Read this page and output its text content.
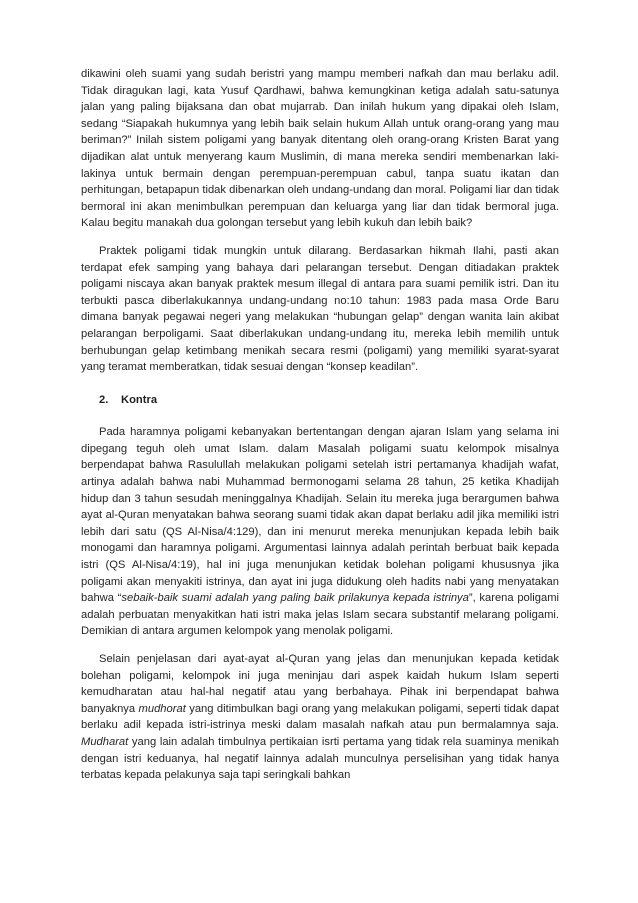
dikawini oleh suami yang sudah beristri yang mampu memberi nafkah dan mau berlaku adil. Tidak diragukan lagi, kata Yusuf Qardhawi, bahwa kemungkinan ketiga adalah satu-satunya jalan yang paling bijaksana dan obat mujarrab. Dan inilah hukum yang dipakai oleh Islam, sedang “Siapakah hukumnya yang lebih baik selain hukum Allah untuk orang-orang yang mau beriman?” Inilah sistem poligami yang banyak ditentang oleh orang-orang Kristen Barat yang dijadikan alat untuk menyerang kaum Muslimin, di mana mereka sendiri membenarkan laki-lakinya untuk bermain dengan perempuan-perempuan cabul, tanpa suatu ikatan dan perhitungan, betapapun tidak dibenarkan oleh undang-undang dan moral. Poligami liar dan tidak bermoral ini akan menimbulkan perempuan dan keluarga yang liar dan tidak bermoral juga. Kalau begitu manakah dua golongan tersebut yang lebih kukuh dan lebih baik?

Praktek poligami tidak mungkin untuk dilarang. Berdasarkan hikmah Ilahi, pasti akan terdapat efek samping yang bahaya dari pelarangan tersebut. Dengan ditiadakan praktek poligami niscaya akan banyak praktek mesum illegal di antara para suami pemilik istri. Dan itu terbukti pasca diberlakukannya undang-undang no:10 tahun: 1983 pada masa Orde Baru dimana banyak pegawai negeri yang melakukan “hubungan gelap” dengan wanita lain akibat pelarangan berpoligami. Saat diberlakukan undang-undang itu, mereka lebih memilih untuk berhubungan gelap ketimbang menikah secara resmi (poligami) yang memiliki syarat-syarat yang teramat memberatkan, tidak sesuai dengan “konsep keadilan”.

2. Kontra

Pada haramnya poligami kebanyakan bertentangan dengan ajaran Islam yang selama ini dipegang teguh oleh umat Islam. dalam Masalah poligami suatu kelompok misalnya berpendapat bahwa Rasulullah melakukan poligami setelah istri pertamanya khadijah wafat, artinya adalah bahwa nabi Muhammad bermonogami selama 28 tahun, 25 ketika Khadijah hidup dan 3 tahun sesudah meninggalnya Khadijah. Selain itu mereka juga berargumen bahwa ayat al-Quran menyatakan bahwa seorang suami tidak akan dapat berlaku adil jika memiliki istri lebih dari satu (QS Al-Nisa/4:129), dan ini menurut mereka menunjukan kepada lebih baik monogami dan haramnya poligami. Argumentasi lainnya adalah perintah berbuat baik kepada istri (QS Al-Nisa/4:19), hal ini juga menunjukan ketidak bolehan poligami khususnya jika poligami akan menyakiti istrinya, dan ayat ini juga didukung oleh hadits nabi yang menyatakan bahwa “sebaik-baik suami adalah yang paling baik prilakunya kepada istrinya”, karena poligami adalah perbuatan menyakitkan hati istri maka jelas Islam secara substantif melarang poligami. Demikian di antara argumen kelompok yang menolak poligami.

Selain penjelasan dari ayat-ayat al-Quran yang jelas dan menunjukan kepada ketidak bolehan poligami, kelompok ini juga meninjau dari aspek kaidah hukum Islam seperti kemudharatan atau hal-hal negatif atau yang berbahaya. Pihak ini berpendapat bahwa banyaknya mudhorat yang ditimbulkan bagi orang yang melakukan poligami, seperti tidak dapat berlaku adil kepada istri-istrinya meski dalam masalah nafkah atau pun bermalamnya saja. Mudharat yang lain adalah timbulnya pertikaian isrti pertama yang tidak rela suaminya menikah dengan istri keduanya, hal negatif lainnya adalah munculnya perselisihan yang tidak hanya terbatas kepada pelakunya saja tapi seringkali bahkan
